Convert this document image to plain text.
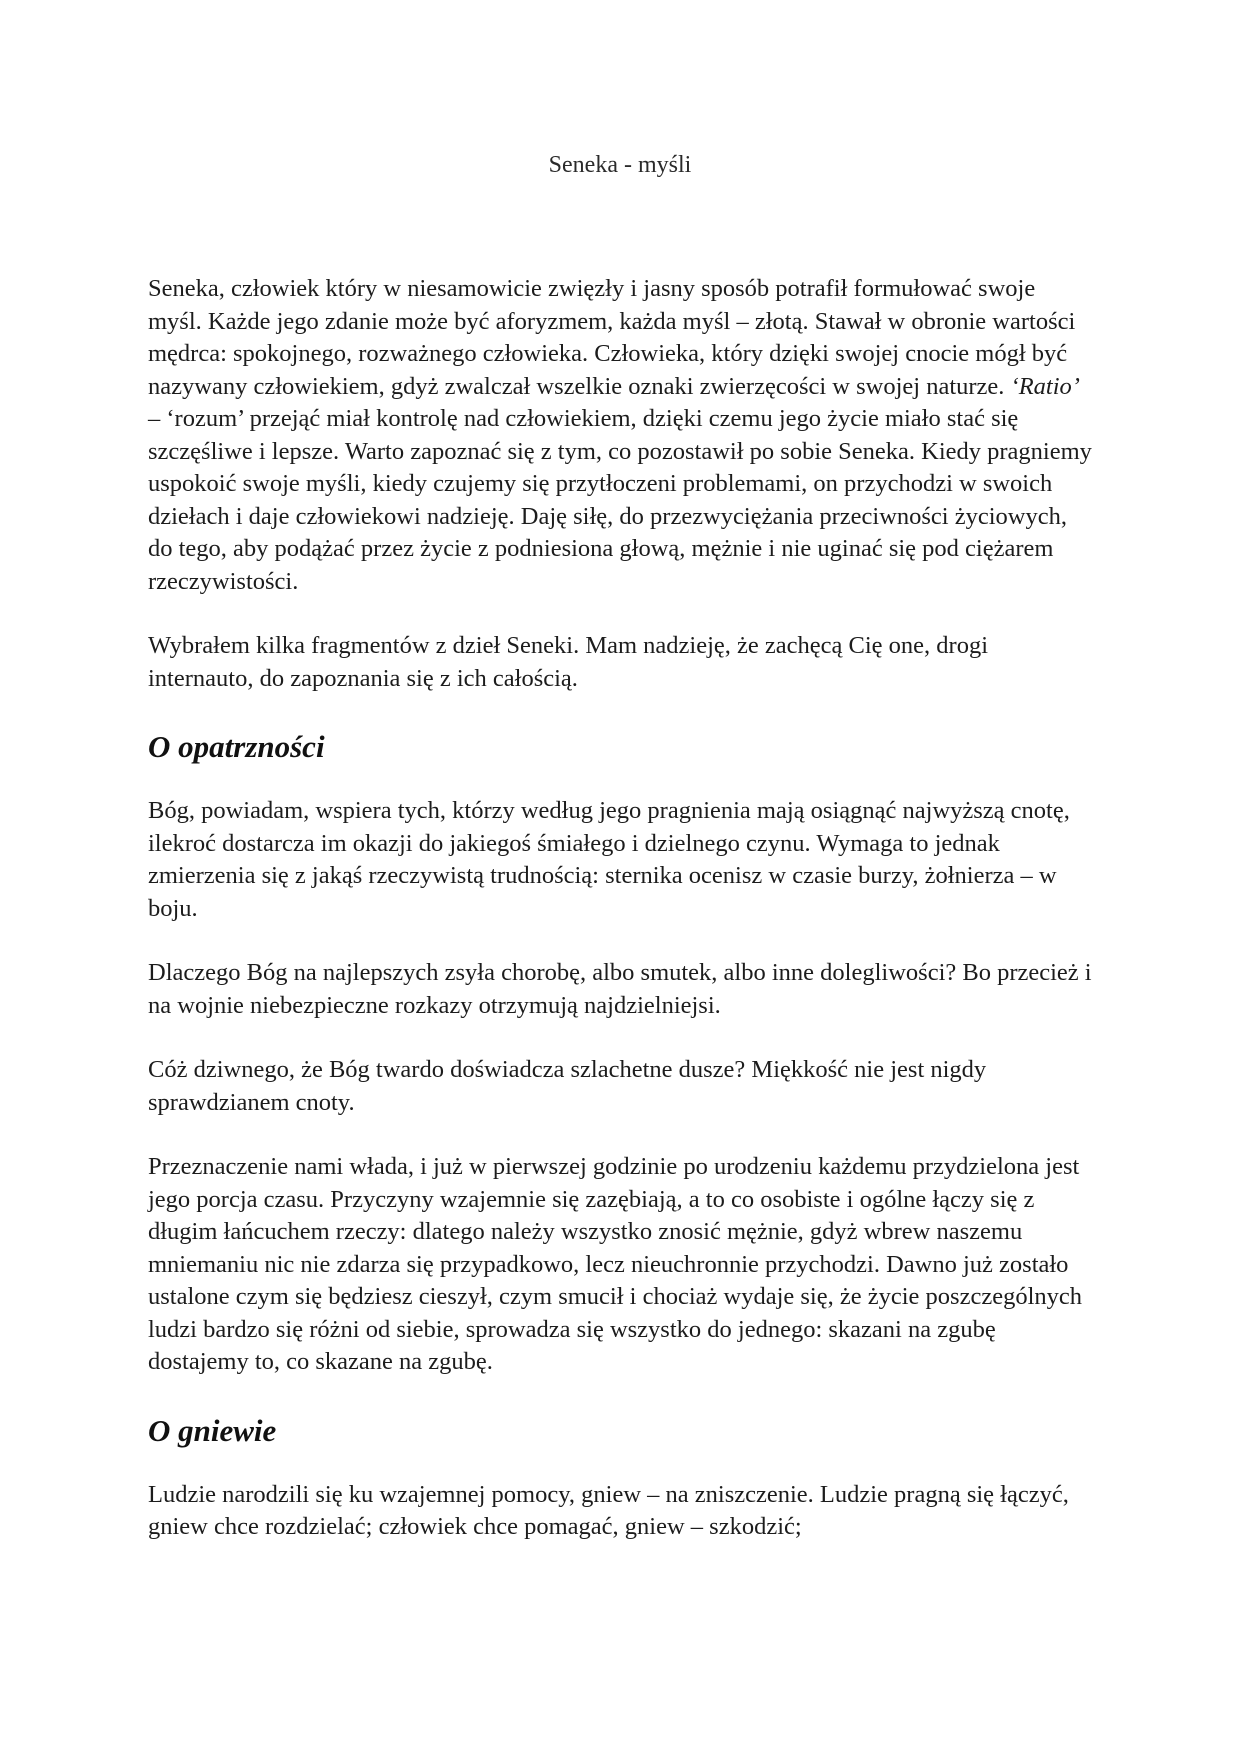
Seneka - myśli

Seneka, człowiek który w niesamowicie zwięzły i jasny sposób potrafił formułować swoje myśl. Każde jego zdanie może być aforyzmem, każda myśl – złotą. Stawał w obronie wartości mędrca: spokojnego, rozważnego człowieka. Człowieka, który dzięki swojej cnocie mógł być nazywany człowiekiem, gdyż zwalczał wszelkie oznaki zwierzęcości w swojej naturze. ‘Ratio’ – ‘rozum’ przejąć miał kontrolę nad człowiekiem, dzięki czemu jego życie miało stać się szczęśliwe i lepsze. Warto zapoznać się z tym, co pozostawił po sobie Seneka. Kiedy pragniemy uspokoić swoje myśli, kiedy czujemy się przytłoczeni problemami, on przychodzi w swoich dziełach i daje człowiekowi nadzieję. Daję siłę, do przezwyciężania przeciwności życiowych, do tego, aby podążać przez życie z podniesiona głową, mężnie i nie uginać się pod ciężarem rzeczywistości.

Wybrałem kilka fragmentów z dzieł Seneki. Mam nadzieję, że zachęcą Cię one, drogi internauto, do zapoznania się z ich całością.

O opatrzności

Bóg, powiadam, wspiera tych, którzy według jego pragnienia mają osiągnąć najwyższą cnotę, ilekroć dostarcza im okazji do jakiegoś śmiałego i dzielnego czynu. Wymaga to jednak zmierzenia się z jakąś rzeczywistą trudnością: sternika ocenisz w czasie burzy, żołnierza – w boju.

Dlaczego Bóg na najlepszych zsyła chorobę, albo smutek, albo inne dolegliwości? Bo przecież i na wojnie niebezpieczne rozkazy otrzymują najdzielniejsi.

Cóż dziwnego, że Bóg twardo doświadcza szlachetne dusze? Miękkość nie jest nigdy sprawdzianem cnoty.

Przeznaczenie nami włada, i już w pierwszej godzinie po urodzeniu każdemu przydzielona jest jego porcja czasu. Przyczyny wzajemnie się zazębiają, a to co osobiste i ogólne łączy się z długim łańcuchem rzeczy: dlatego należy wszystko znosić mężnie, gdyż wbrew naszemu mniemaniu nic nie zdarza się przypadkowo, lecz nieuchronnie przychodzi. Dawno już zostało ustalone czym się będziesz cieszył, czym smucił i chociaż wydaje się, że życie poszczególnych ludzi bardzo się różni od siebie, sprowadza się wszystko do jednego: skazani na zgubę dostajemy to, co skazane na zgubę.

O gniewie

Ludzie narodzili się ku wzajemnej pomocy, gniew – na zniszczenie. Ludzie pragną się łączyć, gniew chce rozdzielać; człowiek chce pomagać, gniew – szkodzić;
